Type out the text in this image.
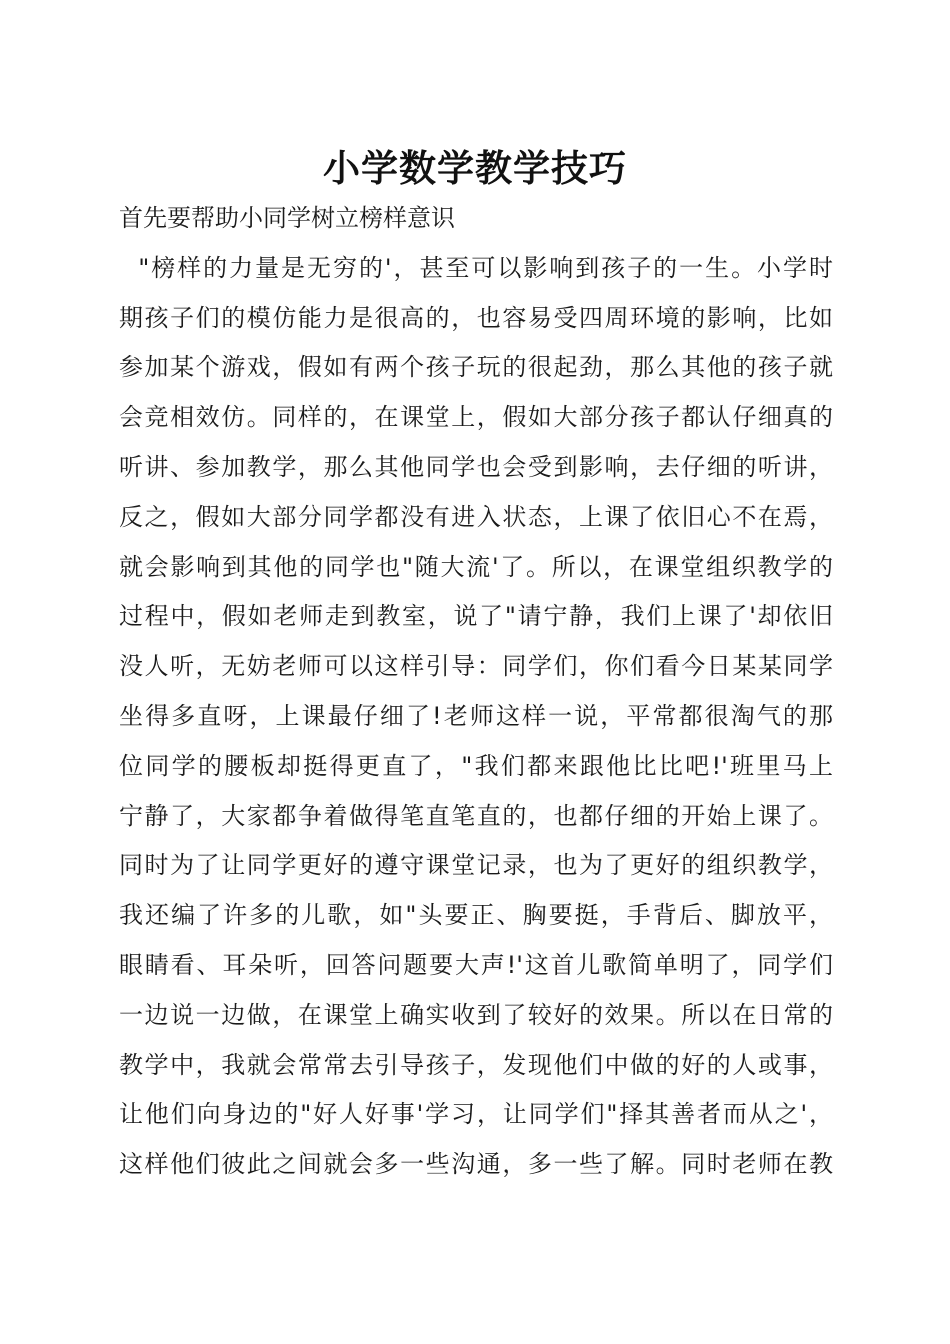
小学数学教学技巧
首先要帮助小同学树立榜样意识
"榜样的力量是无穷的'，甚至可以影响到孩子的一生。小学时
期孩子们的模仿能力是很高的，也容易受四周环境的影响，比如
参加某个游戏，假如有两个孩子玩的很起劲，那么其他的孩子就
会竞相效仿。同样的，在课堂上，假如大部分孩子都认仔细真的
听讲、参加教学，那么其他同学也会受到影响，去仔细的听讲，
反之，假如大部分同学都没有进入状态，上课了依旧心不在焉，
就会影响到其他的同学也"随大流'了。所以，在课堂组织教学的
过程中，假如老师走到教室，说了"请宁静，我们上课了'却依旧
没人听，无妨老师可以这样引导：同学们，你们看今日某某同学
坐得多直呀，上课最仔细了!老师这样一说，平常都很淘气的那
位同学的腰板却挺得更直了，"我们都来跟他比比吧!'班里马上
宁静了，大家都争着做得笔直笔直的，也都仔细的开始上课了。
同时为了让同学更好的遵守课堂记录，也为了更好的组织教学，
我还编了许多的儿歌，如"头要正、胸要挺，手背后、脚放平，
眼睛看、耳朵听，回答问题要大声!'这首儿歌简单明了，同学们
一边说一边做，在课堂上确实收到了较好的效果。所以在日常的
教学中，我就会常常去引导孩子，发现他们中做的好的人或事，
让他们向身边的"好人好事'学习，让同学们"择其善者而从之'，
这样他们彼此之间就会多一些沟通，多一些了解。同时老师在教
